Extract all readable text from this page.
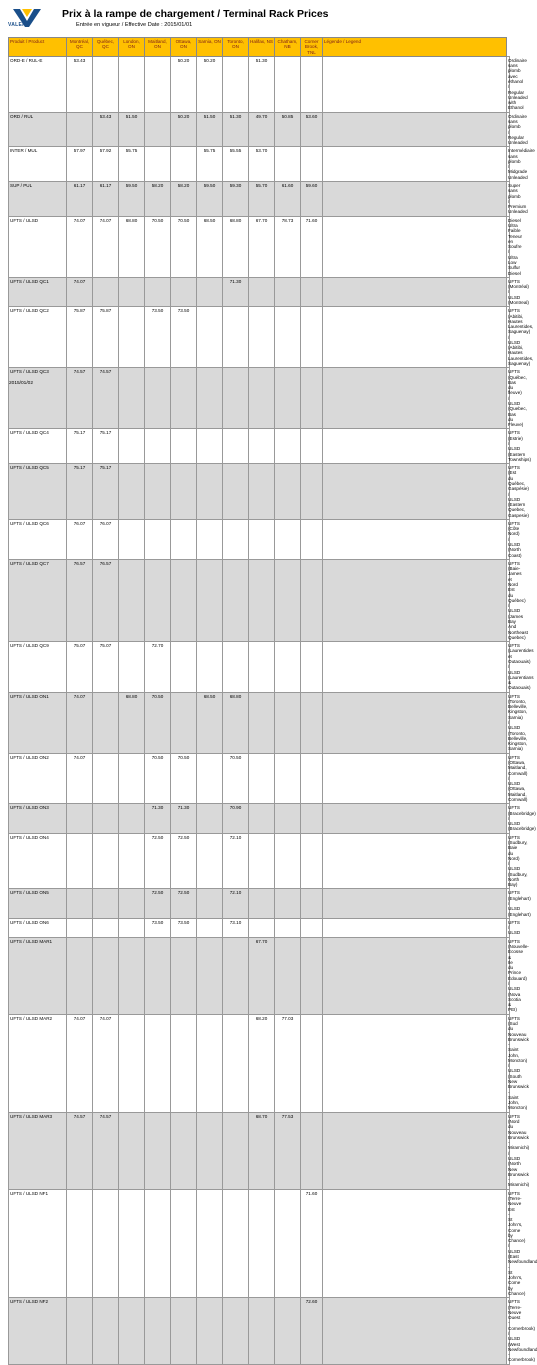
VALERO
Prix à la rampe de chargement / Terminal Rack Prices
Entrée en vigueur / Effective Date : 2015/01/01
Produit / Product	Montréal, QC	Québec, QC	London, ON	Maitland, ON	Ottawa, ON	Sarnia, ON	Toronto, ON	Halifax, NS	Chatham, NB	Corner Brook, TNL	Légende / Legend	
ORD-E / RUL-E	53.43				50.20	50.20		51.30				Ordinaire sans plomb avec éthanol / Regular Unleaded with Ethanol
ORD / RUL		53.43	51.50		50.20	51.50	51.30	49.70	50.85	53.60		Ordinaire sans plomb / Regular Unleaded
INTER / MUL	57.97	57.92	55.75			55.75	55.55	53.70				Intermédiaire sans plomb / Midgrade Unleaded
SUP / PUL	61.17	61.17	59.50	58.20	58.20	59.50	59.30	55.70	61.60	59.60		Super sans plomb / Premium Unleaded
UFTS / ULSD	74.07	74.07	68.80	70.50	70.50	68.50	68.80	67.70	78.73	71.60		Diesel Ultra Faible Teneur en Soufre / Ultra Low Sulfur Diesel
UFTS / ULSD QC1	74.07						71.30					UFTS (Montréal) / ULSD (Montreal)
UFTS / ULSD QC2	75.87	75.87		73.50	73.50							UFTS (Abitibi, Hautes Laurentides, Saguenay) / ULSD (Abitibi, Hautes Laurentides, Saguenay)
UFTS / ULSD QC3	74.57	74.57										UFTS (Québec, Bas du fleuve) / ULSD (Quebec, Bas du Fleuve)
UFTS / ULSD QC4	75.17	75.17										UFTS (Estrie) / ULSD (Eastern Townships)
UFTS / ULSD QC5	75.17	75.17										UFTS (Est du Québec, Gaspésie) / ULSD (Eastern Quebec, Gaspesie)
UFTS / ULSD QC6	76.07	76.07										UFTS (Côte Nord) / ULSD (North Coast)
UFTS / ULSD QC7	76.57	76.57										UFTS (Baie-James et Nord Est du Québec) / ULSD (James Bay And Northeast Quebec)
UFTS / ULSD QC9	75.07	75.07		72.70								UFTS (Laurentides et Outaouais) / ULSD (Laurentians & Outaouais)
UFTS / ULSD ON1	74.07		68.80	70.50		68.50	68.80					UFTS (Toronto, Belleville, Kingston, Sarnia) / ULSD (Toronto, Belleville, Kingston, Sarnia)
UFTS / ULSD ON2	74.07			70.50	70.50		70.50					UFTS (Ottawa, Maitland, Cornwall) / ULSD (Ottawa, Maitland, Cornwall)
UFTS / ULSD ON3				71.30	71.30		70.90					UFTS (Bracebridge) / ULSD (Bracebridge)
UFTS / ULSD ON4				72.50	72.50		72.10					UFTS (Sudbury, Baie du Nord) / ULSD (Sudbury, North Bay)
UFTS / ULSD ON5				72.50	72.50		72.10					UFTS (Englehart) / ULSD (Englehart)
UFTS / ULSD ON6				73.50	73.50		73.10					UFTS / ULSD
UFTS / ULSD MAR1								67.70				UFTS (Nouvelle-Écosse & Ile du Prince Édouard) / ULSD (Nova Scotia & PEI)
UFTS / ULSD MAR2	74.07	74.07						68.20	77.03			UFTS (Sud du Nouveau Brunswick - Saint John, Moncton) / ULSD (South New Brunswick - Saint John, Moncton)
UFTS / ULSD MAR3	74.57	74.57						68.70	77.53			UFTS (Nord du Nouveau Brunswick - Miramichi) / ULSD (North New Brunswick - Miramichi)
UFTS / ULSD NF1										71.60		UFTS (Terre-Neuve Est - St John's, Come by Chance) / ULSD (East Newfoundland - St John's, Come by Chance)
UFTS / ULSD NF2										72.60		UFTS (Terre-Neuve Ouest - Cornerbrook) / ULSD (West Newfoundland - Cornerbrook)
2015/01/02
